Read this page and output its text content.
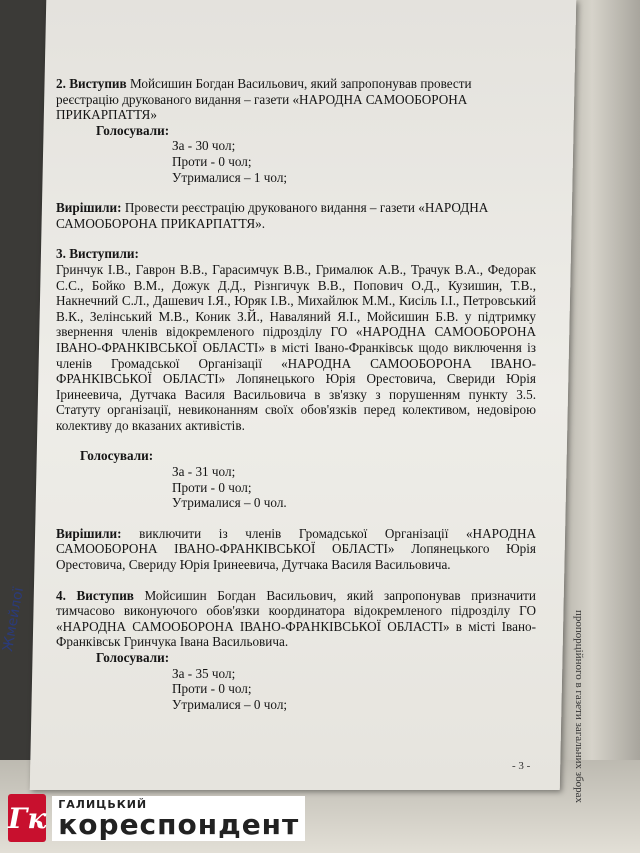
пропорційного в газети загальних зборах
Жмейлої

2. Виступив Мойсишин Богдан Васильович, який запропонував провести реєстрацію друкованого видання – газети «НАРОДНА САМООБОРОНА ПРИКАРПАТТЯ»

Голосували:

За - 30 чол;

Проти - 0 чол;

Утрималися – 1 чол;

Вирішили: Провести реєстрацію друкованого видання – газети «НАРОДНА САМООБОРОНА ПРИКАРПАТТЯ».

3. Виступили:

Гринчук І.В., Гаврон В.В., Гарасимчук В.В., Грималюк А.В., Трачук В.А., Федорак С.С., Бойко В.М., Дожук Д.Д., Різнгичук В.В., Попович О.Д., Кузишин, Т.В., Накнечний С.Л., Дашевич І.Я., Юряк І.В., Михайлюк М.М., Кисіль І.І., Петровський В.К., Зелінський М.В., Коник З.Й., Наваляний Я.І., Мойсишин Б.В. у підтримку звернення членів відокремленого підрозділу ГО «НАРОДНА САМООБОРОНА ІВАНО-ФРАНКІВСЬКОЇ ОБЛАСТІ» в місті Івано-Франківськ щодо виключення із членів Громадської Організації «НАРОДНА САМООБОРОНА ІВАНО-ФРАНКІВСЬКОЇ ОБЛАСТІ» Лопянецького Юрія Орестовича, Свериди Юрія Іринеевича, Дутчака Василя Васильовича в зв'язку з порушенням пункту 3.5. Статуту організації, невиконанням своїх обов'язків перед колективом, недовірою колективу до вказаних активістів.

Голосували:

За - 31 чол;

Проти - 0 чол;

Утрималися – 0 чол.

Вирішили: виключити із членів Громадської Організації «НАРОДНА САМООБОРОНА ІВАНО-ФРАНКІВСЬКОЇ ОБЛАСТІ» Лопянецького Юрія Орестовича, Свериду Юрія Іринеевича, Дутчака Василя Васильовича.

4. Виступив Мойсишин Богдан Васильович, який запропонував призначити тимчасово виконуючого обов'язки координатора відокремленого підрозділу ГО «НАРОДНА САМООБОРОНА ІВАНО-ФРАНКІВСЬКОЇ ОБЛАСТІ» в місті Івано-Франківськ Гринчука Івана Васильовича.

Голосували:

За - 35 чол;

Проти - 0 чол;

Утрималися – 0 чол;

- 3 -
Гк ГАЛИЦЬКИЙ
кореспондент
